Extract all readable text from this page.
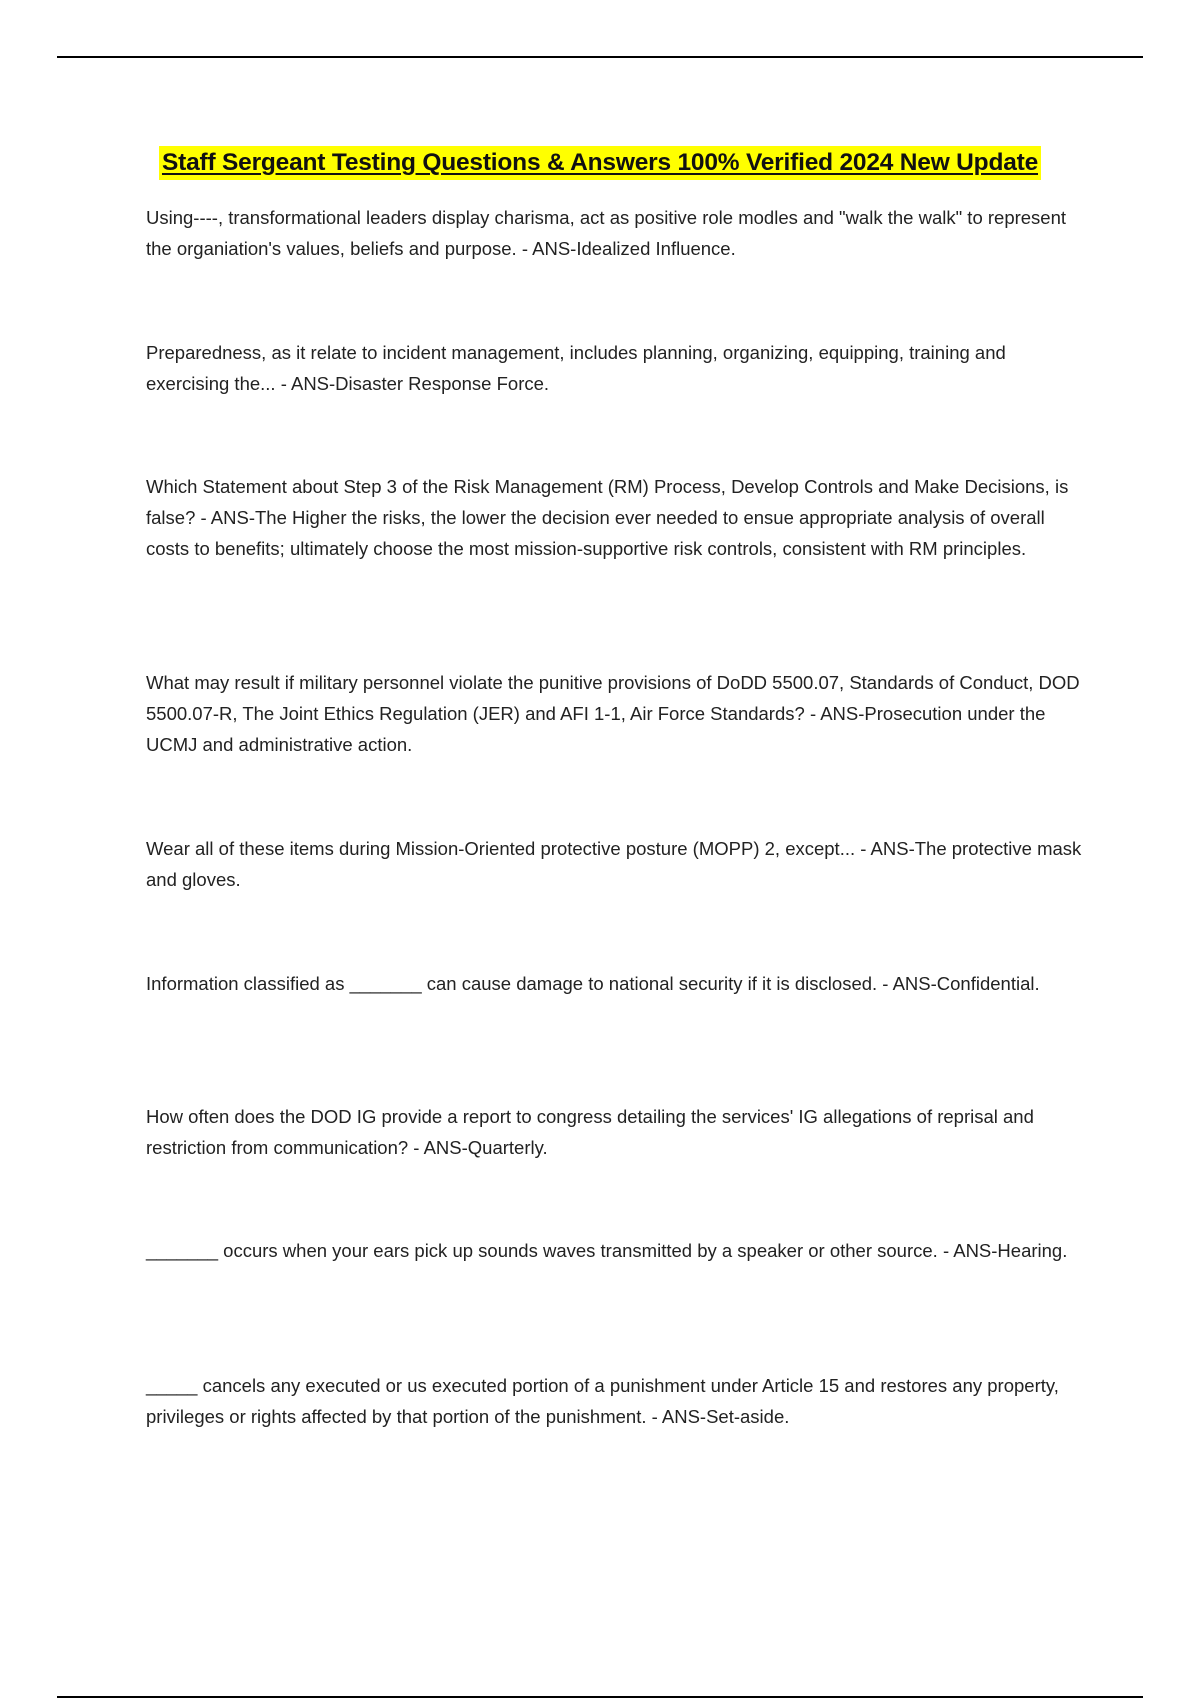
Staff Sergeant Testing Questions & Answers 100% Verified 2024 New Update

Using----, transformational leaders display charisma, act as positive role modles and "walk the walk" to represent the organiation's values, beliefs and purpose. - ANS-Idealized Influence.

Preparedness, as it relate to incident management, includes planning, organizing, equipping, training and exercising the... - ANS-Disaster Response Force.

Which Statement about Step 3 of the Risk Management (RM) Process, Develop Controls and Make Decisions, is false? - ANS-The Higher the risks, the lower the decision ever needed to ensue appropriate analysis of overall costs to benefits; ultimately choose the most mission-supportive risk controls, consistent with RM principles.

What may result if military personnel violate the punitive provisions of DoDD 5500.07, Standards of Conduct, DOD 5500.07-R, The Joint Ethics Regulation (JER) and AFI 1-1, Air Force Standards? - ANS-Prosecution under the UCMJ and administrative action.

Wear all of these items during Mission-Oriented protective posture (MOPP) 2, except... - ANS-The protective mask and gloves.

Information classified as _______ can cause damage to national security if it is disclosed. - ANS-Confidential.

How often does the DOD IG provide a report to congress detailing the services' IG allegations of reprisal and restriction from communication? - ANS-Quarterly.

_______ occurs when your ears pick up sounds waves transmitted by a speaker or other source. - ANS-Hearing.

_____ cancels any executed or us executed portion of a punishment under Article 15 and restores any property, privileges or rights affected by that portion of the punishment. - ANS-Set-aside.
